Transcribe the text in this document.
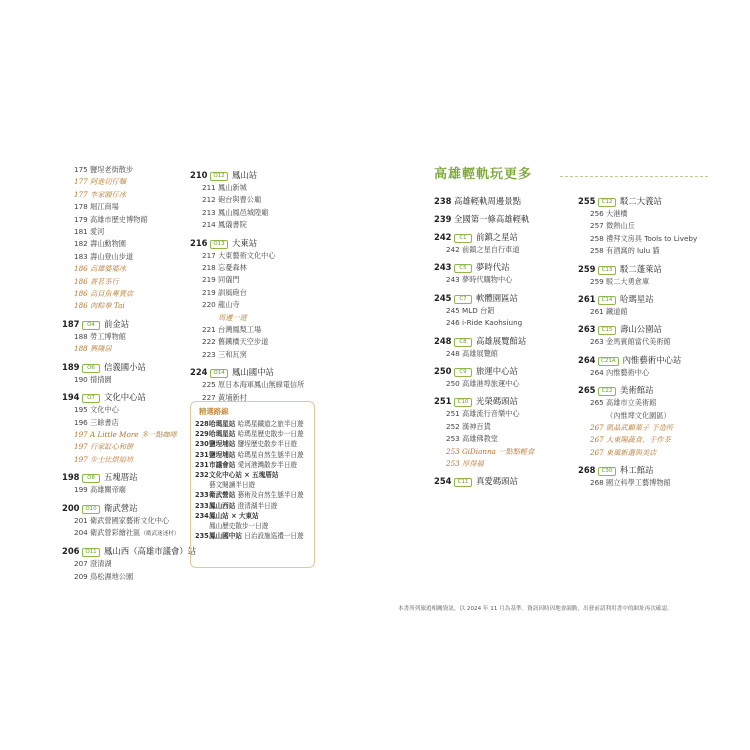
175 鹽埕老街散步
177 阿進切仔麵
177 李家圓仔冰
178 堀江商場
179 高雄市歷史博物館
181 愛河
182 壽山動物園
183 壽山登山步道
186 高雄婆婆冰
186 香茗茶行
186 高目魚專賣店
186 肉粽拳 Tai
187 O4 前金站
188 勞工博物館
188 興隆居
189 O6 信義國小站
190 揹揹園
194 O7 文化中心站
195 文化中心
196 三餘書店
197 A Little More 多一點咖啡
197 行家缸心和餅
197 步士比烘焙坊
198 O8 五塊厝站
199 高雄關帝廟
200 O10 衛武營站
201 衛武營國家藝術文化中心
204 衛武營彩繪社區（衛武迷迷村）
206 O11 鳳山西（高雄市議會）站
207 澄清湖
209 鳥松濕地公園
210 O12 鳳山站
211 鳳山新城
212 砲台與曹公廟
213 鳳山鳳邑城隍廟
214 鳳儀書院
216 O13 大東站
217 大東藝術文化中心
218 忘憂森林
219 同儀門
219 訓風砲台
220 龍山寺
周邊一遊
221 台灣鳳梨工場
222 舊鐵橋天空步道
223 三和瓦窯
224 O14 鳳山國中站
225 原日本海軍鳳山無線電信所
227 黃埔新村
精選路線
228哈瑪星站 哈瑪星鐵道之旅半日遊
229哈瑪星站 哈瑪星歷史散步一日遊
230鹽埕埔站 鹽埕歷史散步半日遊
231鹽埕埔站 哈瑪星自然生態半日遊
231市議會站 愛河港灣散步半日遊
232文化中心站 × 五塊厝站
藝文閱讀半日遊
233衛武營站 藝術及自然生態半日遊
233鳳山西站 澄清湖半日遊
234鳳山站 × 大東站
鳳山歷史散步一日遊
235鳳山國中站 日治設施巡禮一日遊
高雄輕軌玩更多
238 高雄輕軌周邊景點
239 全國第一條高雄輕軌
242 C1 前鎮之星站
242 前鎮之星自行車道
243 C5 夢時代站
243 夢時代購物中心
245 C7 軟體園區站
245 MLD 台鋁
246 i-Ride Kaohsiung
248 C8 高雄展覽館站
248 高雄展覽館
250 C9 旅運中心站
250 高雄港埠旅運中心
251 C10 光榮碼頭站
251 高雄流行音樂中心
252 漢神百貨
253 高雄佛教堂
253 GiDianna 一點點輕食
253 厚得福
254 C11 真愛碼頭站
255 C12 駁二大義站
256 大港橋
257 微熱山丘
258 禮拜文房具 Tools to Liveby
258 有酒窩的 lulu 貓
259 C13 駁二蓬萊站
259 駁二大勇倉庫
261 C14 哈瑪星站
261 鐵道館
263 C15 壽山公園站
263 金馬賓館當代美術館
264 C21A 內惟藝術中心站
264 內惟藝術中心
265 C22 美術館站
265 高雄市立美術館
（內惟埤文化園區）
267 凱晶武麒菓子 予造所
267 大東陽蔬食、手作茶
267 東風新選與美店
268 C30 科工館站
268 國立科學工藝博物館
本書所列旅遊相關資訊，以 2024 年 11 月為基準。資訊因時因地會調動，出發前請利用書中的網址再次確認。
